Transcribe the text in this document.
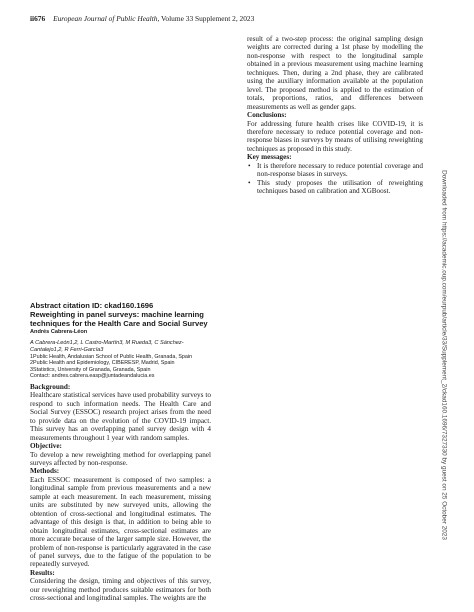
ii676 European Journal of Public Health, Volume 33 Supplement 2, 2023

result of a two-step process: the original sampling design weights are corrected during a 1st phase by modelling the non-response with respect to the longitudinal sample obtained in a previous measurement using machine learning techniques. Then, during a 2nd phase, they are calibrated using the auxiliary information available at the population level. The proposed method is applied to the estimation of totals, proportions, ratios, and differences between measurements as well as gender gaps.

Conclusions:

For addressing future health crises like COVID-19, it is therefore necessary to reduce potential coverage and non-response biases in surveys by means of utilising reweighting techniques as proposed in this study.

Key messages:

• It is therefore necessary to reduce potential coverage and non-response biases in surveys.
• This study proposes the utilisation of reweighting techniques based on calibration and XGBoost.
Abstract citation ID: ckad160.1696
Reweighting in panel surveys: machine learning techniques for the Health Care and Social Survey
Andrés Cabrera-Léon
A Cabrera-León1,2, L Castro-Martín3, M Rueda3, C Sánchez-Cantalejo1,2, R Ferri-García3
1Public Health, Andalusian School of Public Health, Granada, Spain
2Public Health and Epidemiology, CIBERESP, Madrid, Spain
3Statistics, University of Granada, Granada, Spain
Contact: andres.cabrera.easp@juntadeandalucia.es

Background:

Healthcare statistical services have used probability surveys to respond to such information needs. The Health Care and Social Survey (ESSOC) research project arises from the need to provide data on the evolution of the COVID-19 impact. This survey has an overlapping panel survey design with 4 measurements throughout 1 year with random samples.

Objective:

To develop a new reweighting method for overlapping panel surveys affected by non-response.

Methods:

Each ESSOC measurement is composed of two samples: a longitudinal sample from previous measurements and a new sample at each measurement. In each measurement, missing units are substituted by new surveyed units, allowing the obtention of cross-sectional and longitudinal estimates. The advantage of this design is that, in addition to being able to obtain longitudinal estimates, cross-sectional estimates are more accurate because of the larger sample size. However, the problem of non-response is particularly aggravated in the case of panel surveys, due to the fatigue of the population to be repeatedly surveyed.

Results:

Considering the design, timing and objectives of this survey, our reweighting method produces suitable estimators for both cross-sectional and longitudinal samples. The weights are the

Downloaded from https://academic.oup.com/eurpub/article/33/Supplement_2/ckad160.1696/7327330 by guest on 25 October 2023
